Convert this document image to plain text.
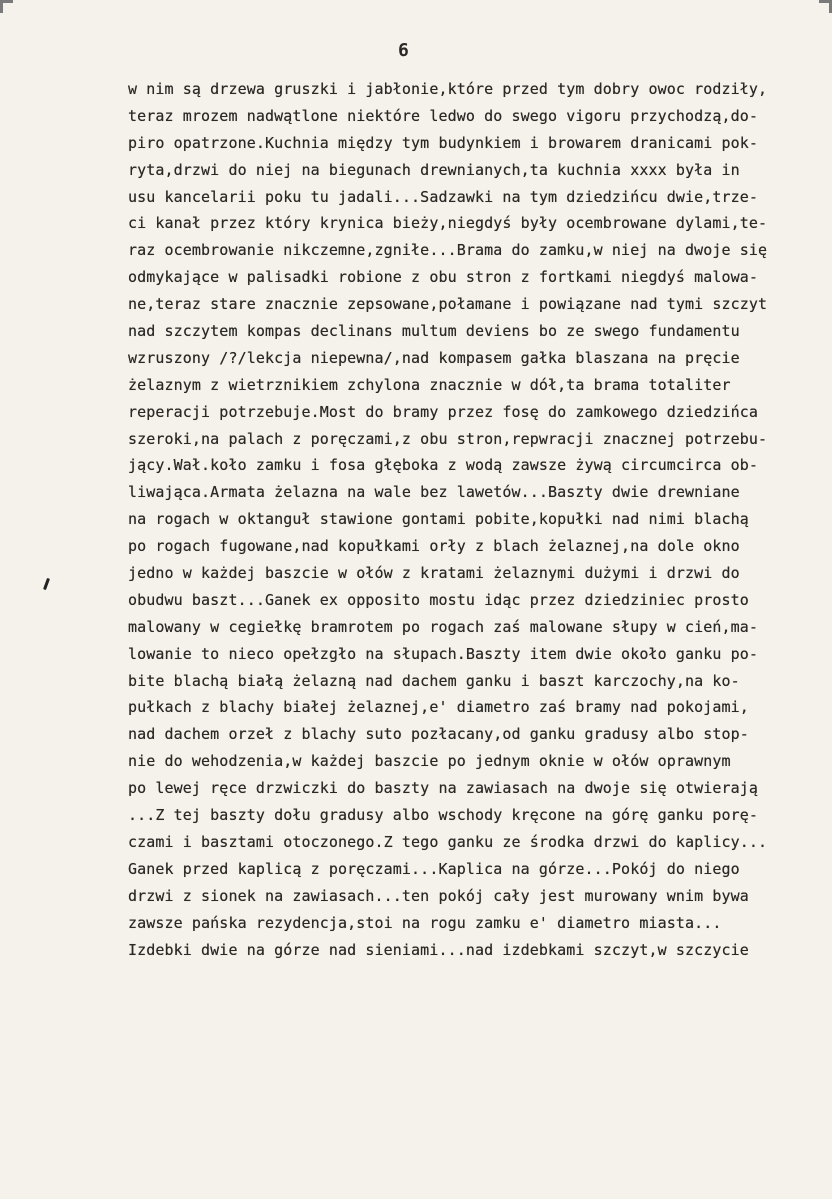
6
w nim są drzewa gruszki i jabłonie,które przed tym dobry owoc rodziły,
teraz mrozem nadwątlone niektóre ledwo do swego vigoru przychodzą,do-
piro opatrzone.Kuchnia między tym budynkiem i browarem dranicami pok-
ryta,drzwi do niej na biegunach drewnianych,ta kuchnia xxxx była in
usu kancelarii poku tu jadali...Sadzawki na tym dziedzińcu dwie,trze-
ci kanał przez który krynica bieży,niegdyś były ocembrowane dylami,te-
raz ocembrowanie nikczemne,zgniłe...Brama do zamku,w niej na dwoje się
odmykające w palisadki robione z obu stron z fortkami niegdyś malowa-
ne,teraz stare znacznie zepsowane,połamane i powiązane nad tymi szczyt
nad szczytem kompas declinans multum deviens bo ze swego fundamentu
wzruszony /?/lekcja niepewna/,nad kompasem gałka blaszana na pręcie
żelaznym z wietrznikiem zchylona znacznie w dół,ta brama totaliter
reperacji potrzebuje.Most do bramy przez fosę do zamkowego dziedzińca
szeroki,na palach z poręczami,z obu stron,repwracji znacznej potrzebu-
jący.Wał.koło zamku i fosa głęboka z wodą zawsze żywą circumcirca ob-
liwająca.Armata żelazna na wale bez lawetów...Baszty dwie drewniane
na rogach w oktanguł stawione gontami pobite,kopułki nad nimi blachą
po rogach fugowane,nad kopułkami orły z blach żelaznej,na dole okno
jedno w każdej baszcie w ołów z kratami żelaznymi dużymi i drzwi do
obudwu baszt...Ganek ex opposito mostu idąc przez dziedziniec prosto
malowany w cegiełkę bramrotem po rogach zaś malowane słupy w cień,ma-
lowanie to nieco opełzgło na słupach.Baszty item dwie około ganku po-
bite blachą białą żelazną nad dachem ganku i baszt karczochy,na ko-
pułkach z blachy białej żelaznej,e' diametro zaś bramy nad pokojami,
nad dachem orzeł z blachy suto pozłacany,od ganku gradusy albo stop-
nie do wehodzenia,w każdej baszcie po jednym oknie w ołów oprawnym
po lewej ręce drzwiczki do baszty na zawiasach na dwoje się otwierają
...Z tej baszty dołu gradusy albo wschody kręcone na górę ganku porę-
czami i basztami otoczonego.Z tego ganku ze środka drzwi do kaplicy...
Ganek przed kaplicą z poręczami...Kaplica na górze...Pokój do niego
drzwi z sionek na zawiasach...ten pokój cały jest murowany wnim bywa
zawsze pańska rezydencja,stoi na rogu zamku e' diametro miasta...
Izdebki dwie na górze nad sieniami...nad izdebkami szczyt,w szczycie
